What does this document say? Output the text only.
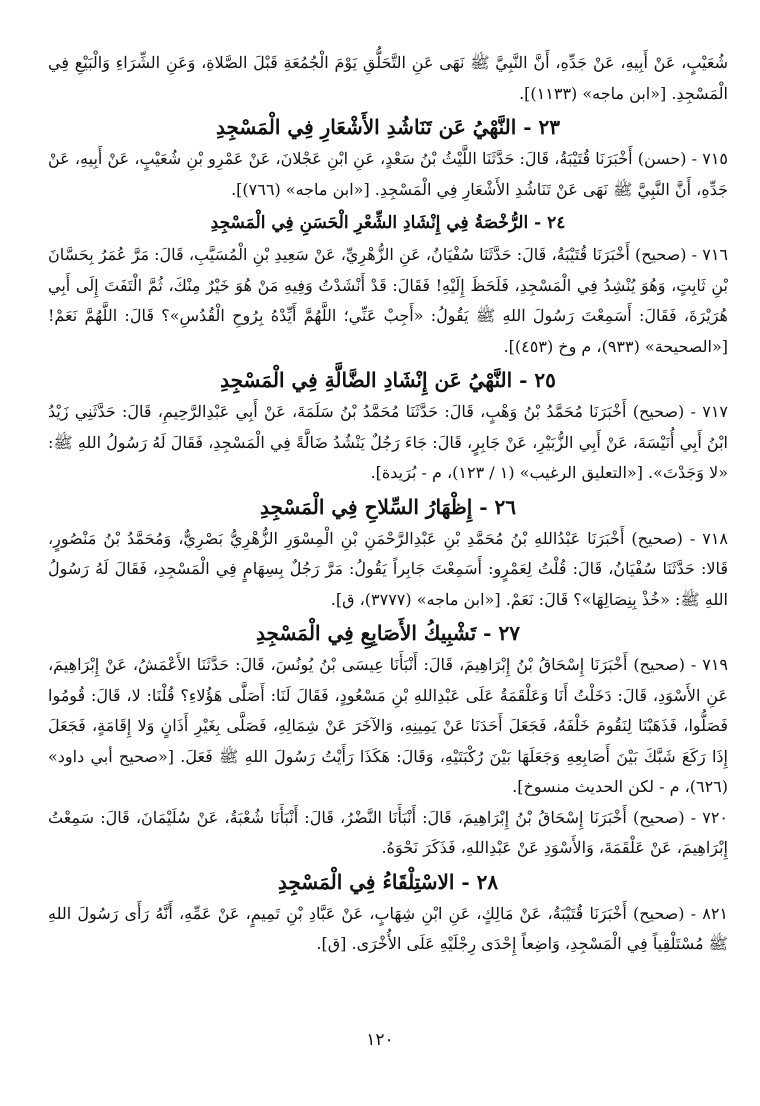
شُعَيْبٍ، عَنْ أَبِيهِ، عَنْ جَدِّهِ، أَنَّ النَّبِيَّ ﷺ نَهَى عَنِ التَّحَلُّقِ يَوْمَ الْجُمُعَةِ قَبْلَ الصَّلاةِ، وَعَنِ الشِّرَاءِ وَالْبَيْعِ فِي الْمَسْجِدِ. [«ابن ماجه» (١١٣٣)].

٢٣ - النَّهْيُ عَن تَنَاشُدِ الأَشْعَارِ فِي الْمَسْجِدِ

٧١٥ - (حسن) أَخْبَرَنَا قُتَيْبَةُ، قَالَ: حَدَّثَنَا اللَّيْثُ بْنُ سَعْدٍ، عَنِ ابْنِ عَجْلانَ، عَنْ عَمْرِو بْنِ شُعَيْبٍ، عَنْ أَبِيهِ، عَنْ جَدِّهِ، أَنَّ النَّبِيَّ ﷺ نَهَى عَنْ تَنَاشُدِ الأَشْعَارِ فِي الْمَسْجِدِ. [«ابن ماجه» (٧٦٦)].

٢٤ - الرُّخْصَةُ فِي إِنْشَادِ الشِّعْرِ الْحَسَنِ فِي الْمَسْجِدِ

٧١٦ - (صحيح) أَخْبَرَنَا قُتَيْبَةُ، قَالَ: حَدَّثَنَا سُفْيَانُ، عَنِ الزُّهْرِيِّ، عَنْ سَعِيدِ بْنِ الْمُسَيَّبِ، قَالَ: مَرَّ عُمَرُ بِحَسَّانَ بْنِ ثَابِتٍ، وَهُوَ يُنْشِدُ فِي الْمَسْجِدِ، فَلَحَظَ إِلَيْهِ! فَقَالَ: قَدْ أَنْشَدْتُ وَفِيهِ مَنْ هُوَ خَيْرٌ مِنْكَ، ثُمَّ الْتَفَتَ إِلَى أَبِي هُرَيْرَةَ، فَقَالَ: أَسَمِعْتَ رَسُولَ اللهِ ﷺ يَقُولُ: «أَجِبْ عَنِّي؛ اللَّهُمَّ أَيِّدْهُ بِرُوحِ الْقُدُسِ»؟ قَالَ: اللَّهُمَّ نَعَمْ! [«الصحيحة» (٩٣٣)، م وخ (٤٥٣)].

٢٥ - النَّهْيُ عَن إِنْشَادِ الضَّالَّةِ فِي الْمَسْجِدِ

٧١٧ - (صحيح) أَخْبَرَنَا مُحَمَّدُ بْنُ وَهْبٍ، قَالَ: حَدَّثَنَا مُحَمَّدُ بْنُ سَلَمَةَ، عَنْ أَبِي عَبْدِالرَّحِيمِ، قَالَ: حَدَّثَنِي زَيْدُ ابْنُ أَبِي أُنَيْسَةَ، عَنْ أَبِي الزُّبَيْرِ، عَنْ جَابِرٍ، قَالَ: جَاءَ رَجُلٌ يَنْشُدُ ضَالَّةً فِي الْمَسْجِدِ، فَقَالَ لَهُ رَسُولُ اللهِ ﷺ: «لا وَجَدْتَ». [«التعليق الرغيب» (١ / ١٢٣)، م - بُرَيدة].

٢٦ - إِظْهَارُ السِّلاحِ فِي الْمَسْجِدِ

٧١٨ - (صحيح) أَخْبَرَنَا عَبْدُاللهِ بْنُ مُحَمَّدِ بْنِ عَبْدِالرَّحْمَنِ بْنِ الْمِسْوَرِ الزُّهْرِيُّ بَصْرِيٌّ، وَمُحَمَّدُ بْنُ مَنْصُورٍ، قَالا: حَدَّثَنَا سُفْيَانُ، قَالَ: قُلْتُ لِعَمْرٍو: أَسَمِعْتَ جَابِراً يَقُولُ: مَرَّ رَجُلٌ بِسِهَامٍ فِي الْمَسْجِدِ، فَقَالَ لَهُ رَسُولُ اللهِ ﷺ: «خُذْ بِنِصَالِهَا»؟ قَالَ: نَعَمْ. [«ابن ماجه» (٣٧٧٧)، ق].

٢٧ - تَشْبِيكُ الأَصَابِعِ فِي الْمَسْجِدِ

٧١٩ - (صحيح) أَخْبَرَنَا إِسْحَاقُ بْنُ إِبْرَاهِيمَ، قَالَ: أَنْبَأَنَا عِيسَى بْنُ يُونُسَ، قَالَ: حَدَّثَنَا الأَعْمَشُ، عَنْ إِبْرَاهِيمَ، عَنِ الأَسْوَدِ، قَالَ: دَخَلْتُ أَنَا وَعَلْقَمَةُ عَلَى عَبْدِاللهِ بْنِ مَسْعُودٍ، فَقَالَ لَنَا: أَصَلَّى هَؤُلاءِ؟ قُلْنَا: لا، قَالَ: قُومُوا فَصَلُّوا، فَذَهَبْنَا لِنَقُومَ خَلْفَهُ، فَجَعَلَ أَحَدَنَا عَنْ يَمِينِهِ، وَالآخَرَ عَنْ شِمَالِهِ، فَصَلَّى بِغَيْرِ أَذَانٍ وَلا إِقَامَةٍ، فَجَعَلَ إِذَا رَكَعَ شَبَّكَ بَيْنَ أَصَابِعِهِ وَجَعَلَهَا بَيْنَ رُكْبَتَيْهِ، وَقَالَ: هَكَذَا رَأَيْتُ رَسُولَ اللهِ ﷺ فَعَلَ. [«صحيح أبي داود» (٦٢٦)، م - لكن الحديث منسوخ].

٧٢٠ - (صحيح) أَخْبَرَنَا إِسْحَاقُ بْنُ إِبْرَاهِيمَ، قَالَ: أَنْبَأَنَا النَّضْرُ، قَالَ: أَنْبَأَنَا شُعْبَةُ، عَنْ سُلَيْمَانَ، قَالَ: سَمِعْتُ إِبْرَاهِيمَ، عَنْ عَلْقَمَةَ، وَالأَسْوَدِ عَنْ عَبْدِاللهِ، فَذَكَرَ نَحْوَهُ.

٢٨ - الاسْتِلْقَاءُ فِي الْمَسْجِدِ

٨٢١ - (صحيح) أَخْبَرَنَا قُتَيْبَةُ، عَنْ مَالِكٍ، عَنِ ابْنِ شِهَابٍ، عَنْ عَبَّادِ بْنِ تَمِيمٍ، عَنْ عَمِّهِ، أَنَّهُ رَأَى رَسُولَ اللهِ ﷺ مُسْتَلْقِياً فِي الْمَسْجِدِ، وَاضِعاً إِحْدَى رِجْلَيْهِ عَلَى الأُخْرَى. [ق].

١٢٠
